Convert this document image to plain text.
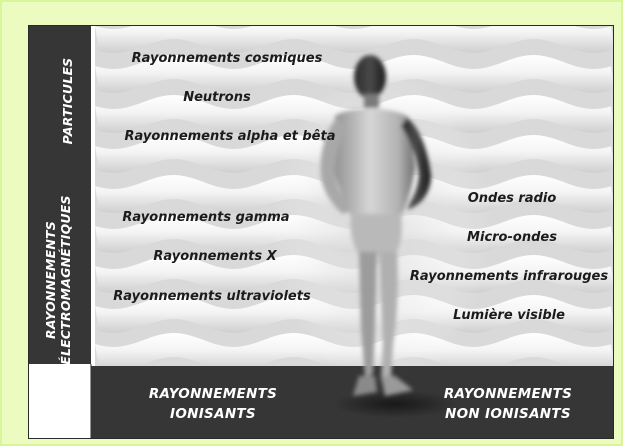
PARTICULES
RAYONNEMENTS ÉLECTROMAGNÉTIQUES
Rayonnements cosmiques
Neutrons
Rayonnements alpha et bêta
Rayonnements gamma
Rayonnements X
Rayonnements ultraviolets
Ondes radio
Micro-ondes
Rayonnements infrarouges
Lumière visible
RAYONNEMENTS
IONISANTS
RAYONNEMENTS
NON IONISANTS
